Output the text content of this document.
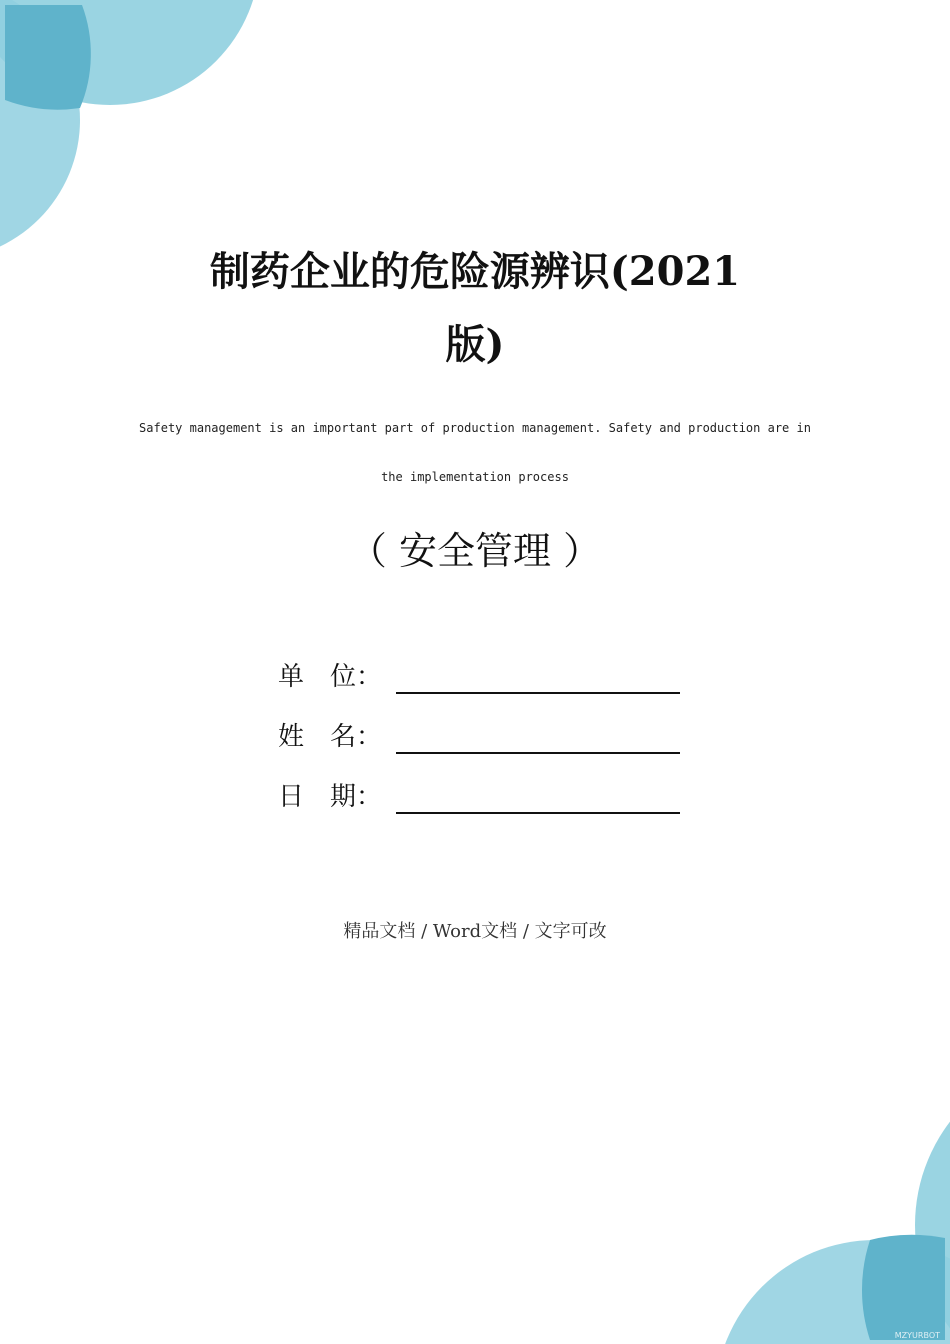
制药企业的危险源辨识(2021
版)
Safety management is an important part of production management. Safety and production are in
the implementation process
（ 安全管理 ）
单　位：
姓　名：
日　期：
精品文档 / Word文档 / 文字可改
MZYURBOT
